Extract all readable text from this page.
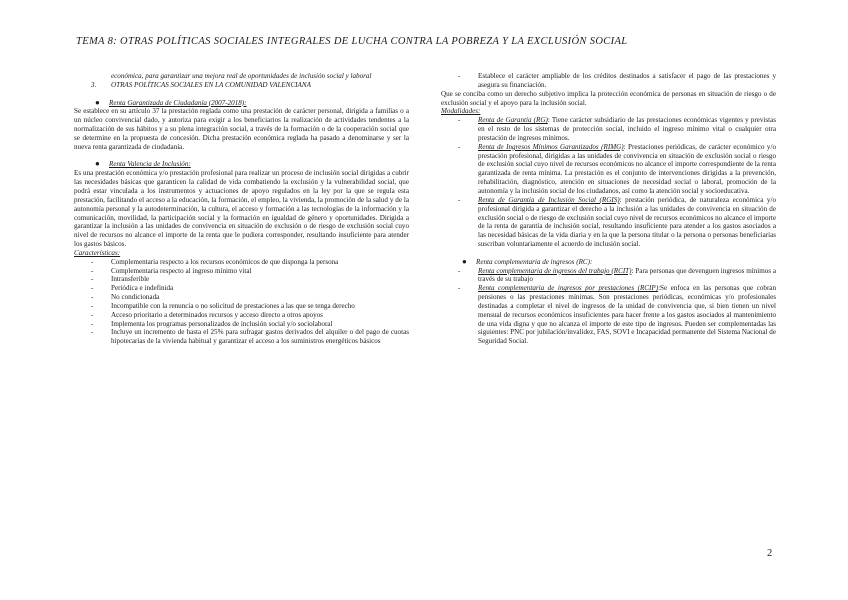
TEMA 8: OTRAS POLÍTICAS SOCIALES INTEGRALES DE LUCHA CONTRA LA POBREZA Y LA EXCLUSIÓN SOCIAL

económica, para garantizar una mejora real de oportunidades de inclusión social y laboral

3.	OTRAS POLÍTICAS SOCIALES EN LA COMUNIDAD VALENCIANA
●	Renta Garantizada de Ciudadanía (2007-2018):

Se establece en su artículo 37 la prestación reglada como una prestación de carácter personal, dirigida a familias o a un núcleo convivencial dado, y autoriza para exigir a los beneficiarios la realización de actividades tendentes a la normalización de sus hábitos y a su plena integración social, a través de la formación o de la cooperación social que se determine en la propuesta de concesión. Dicha prestación económica reglada ha pasado a denominarse y ser la nueva renta garantizada de ciudadanía.

●	Renta Valencia de Inclusión:

Es una prestación económica y/o prestación profesional para realizar un proceso de inclusión social dirigidas a cubrir las necesidades básicas que garanticen la calidad de vida combatiendo la exclusión y la vulnerabilidad social, que podrá estar vinculada a los instrumentos y actuaciones de apoyo regulados en la ley por la que se regula esta prestación, facilitando el acceso a la educación, la formación, el empleo, la vivienda, la promoción de la salud y de la autonomía personal y la autodeterminación, la cultura, el acceso y formación a las tecnologías de la información y la comunicación, movilidad, la participación social y la formación en igualdad de género y oportunidades. Dirigida a garantizar la inclusión a las unidades de convivencia en situación de exclusión o de riesgo de exclusión social cuyo nivel de recursos no alcance el importe de la renta que le pudiera corresponder, resultando insuficiente para atender los gastos básicos.

Características:

-	Complementaria respecto a los recursos económicos de que disponga la persona
-	Complementaria respecto al ingreso mínimo vital
-	Intransferible
-	Periódica e indefinida
-	No condicionada
-	Incompatible con la renuncia o no solicitud de prestaciones a las que se tenga derecho
-	Acceso prioritario a determinados recursos y acceso directo a otros apoyos
-	Implementa los programas personalizados de inclusión social y/o sociolaboral
-	Incluye un incremento de hasta el 25% para sufragar gastos derivados del alquiler o del pago de cuotas hipotecarias de la vivienda habitual y garantizar el acceso a los suministros energéticos básicos
-	Establece el carácter ampliable de los créditos destinados a satisfacer el pago de las prestaciones y asegura su financiación.

Que se conciba como un derecho subjetivo implica la protección económica de personas en situación de riesgo o de exclusión social y el apoyo para la inclusión social.

Modalidades:

-	Renta de Garantía (RG): Tiene carácter subsidiario de las prestaciones económicas vigentes y previstas en el resto de los sistemas de protección social, incluido el ingreso mínimo vital o cualquier otra prestación de ingresos mínimos.
-	Renta de Ingresos Mínimos Garantizados (RIMG): Prestaciones periódicas, de carácter económico y/o prestación profesional, dirigidas a las unidades de convivencia en situación de exclusión social o riesgo de exclusión social cuyo nivel de recursos económicos no alcance el importe correspondiente de la renta garantizada de renta mínima. La prestación es el conjunto de intervenciones dirigidas a la prevención, rehabilitación, diagnóstico, atención en situaciones de necesidad social o laboral, promoción de la autonomía y la inclusión social de los ciudadanos, así como la atención social y socioeducativa.
-	Renta de Garantía de Inclusión Social (RGIS): prestación periódica, de naturaleza económica y/o profesional dirigida a garantizar el derecho a la inclusión a las unidades de convivencia en situación de exclusión social o de riesgo de exclusión social cuyo nivel de recursos económicos no alcance el importe de la renta de garantía de inclusión social, resultando insuficiente para atender a los gastos asociados a las necesidad básicas de la vida diaria y en la que la persona titular o la persona o personas beneficiarias suscriban voluntariamente el acuerdo de inclusión social.
●	Renta complementaria de ingresos (RC):
-	Renta complementaria de ingresos del trabajo (RCIT): Para personas que devenguen ingresos mínimos a través de su trabajo
-	Renta complementaria de ingresos por prestaciones (RCIP):Se enfoca en las personas que cobran pensiones o las prestaciones mínimas. Son prestaciones periódicas, económicas y/o profesionales destinadas a completar el nivel de ingresos de la unidad de convivencia que, si bien tienen un nivel mensual de recursos económicos insuficientes para hacer frente a los gastos asociados al mantenimiento de una vida digna y que no alcanza el importe de este tipo de ingresos. Pueden ser complementadas las siguientes: PNC por jubilación/invalidez, FAS, SOVI e Incapacidad permanente del Sistema Nacional de Seguridad Social.
2
